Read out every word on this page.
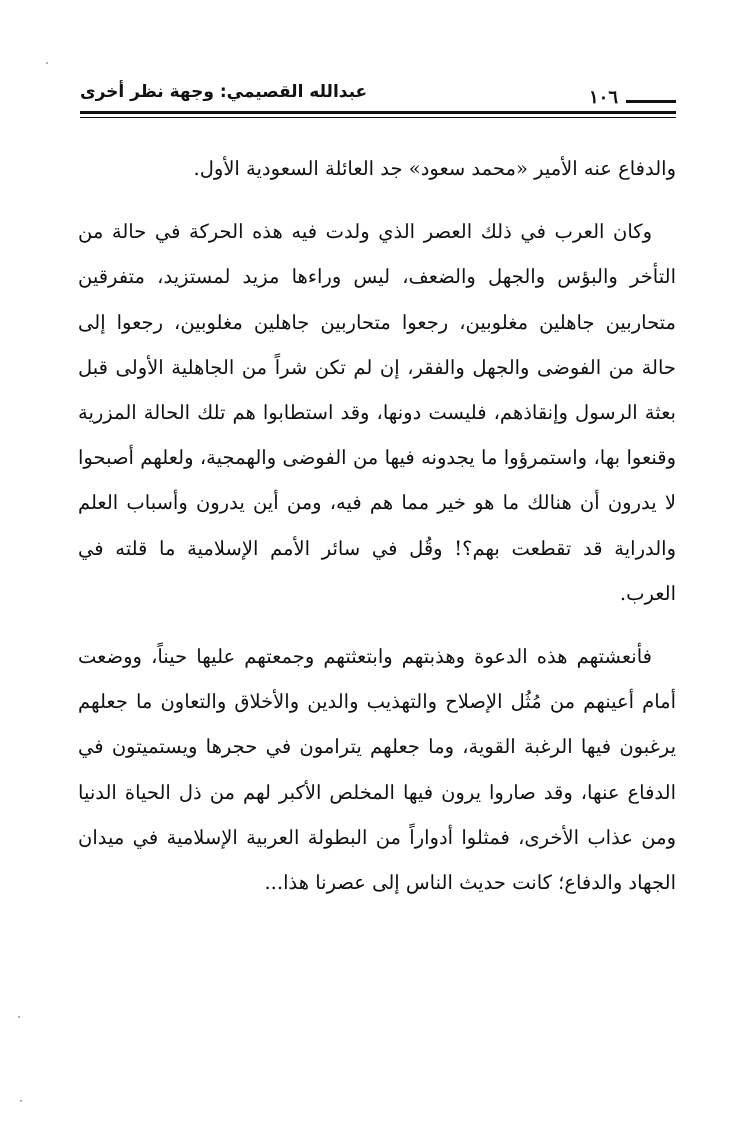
عبدالله القصيمي: وجهة نظر أخرى	١٠٦

والدفاع عنه الأمير «محمد سعود» جد العائلة السعودية الأول.

وكان العرب في ذلك العصر الذي ولدت فيه هذه الحركة في حالة من التأخر والبؤس والجهل والضعف، ليس وراءها مزيد لمستزيد، متفرقين متحاربين جاهلين مغلوبين، رجعوا متحاربين جاهلين مغلوبين، رجعوا إلى حالة من الفوضى والجهل والفقر، إن لم تكن شراً من الجاهلية الأولى قبل بعثة الرسول وإنقاذهم، فليست دونها، وقد استطابوا هم تلك الحالة المزرية وقنعوا بها، واستمرؤوا ما يجدونه فيها من الفوضى والهمجية، ولعلهم أصبحوا لا يدرون أن هنالك ما هو خير مما هم فيه، ومن أين يدرون وأسباب العلم والدراية قد تقطعت بهم؟! وقُل في سائر الأمم الإسلامية ما قلته في العرب.

فأنعشتهم هذه الدعوة وهذبتهم وابتعثتهم وجمعتهم عليها حيناً، ووضعت أمام أعينهم من مُثُل الإصلاح والتهذيب والدين والأخلاق والتعاون ما جعلهم يرغبون فيها الرغبة القوية، وما جعلهم يترامون في حجرها ويستميتون في الدفاع عنها، وقد صاروا يرون فيها المخلص الأكبر لهم من ذل الحياة الدنيا ومن عذاب الأخرى، فمثلوا أدواراً من البطولة العربية الإسلامية في ميدان الجهاد والدفاع؛ كانت حديث الناس إلى عصرنا هذا...
